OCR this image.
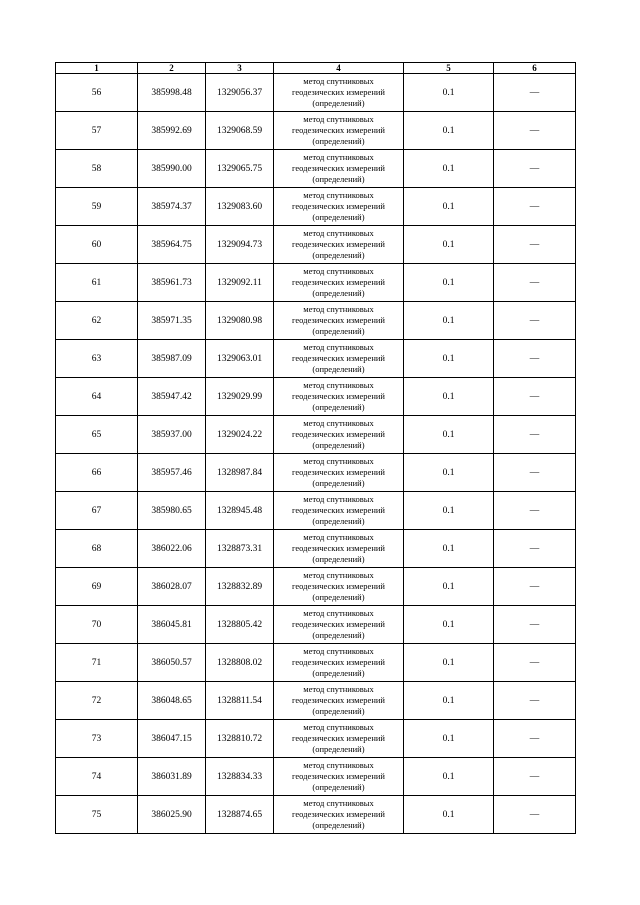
1	2	3	4	5	6
56	385998.48	1329056.37	метод спутниковых
геодезических измерений
(определений)	0.1	—
57	385992.69	1329068.59	метод спутниковых
геодезических измерений
(определений)	0.1	—
58	385990.00	1329065.75	метод спутниковых
геодезических измерений
(определений)	0.1	—
59	385974.37	1329083.60	метод спутниковых
геодезических измерений
(определений)	0.1	—
60	385964.75	1329094.73	метод спутниковых
геодезических измерений
(определений)	0.1	—
61	385961.73	1329092.11	метод спутниковых
геодезических измерений
(определений)	0.1	—
62	385971.35	1329080.98	метод спутниковых
геодезических измерений
(определений)	0.1	—
63	385987.09	1329063.01	метод спутниковых
геодезических измерений
(определений)	0.1	—
64	385947.42	1329029.99	метод спутниковых
геодезических измерений
(определений)	0.1	—
65	385937.00	1329024.22	метод спутниковых
геодезических измерений
(определений)	0.1	—
66	385957.46	1328987.84	метод спутниковых
геодезических измерений
(определений)	0.1	—
67	385980.65	1328945.48	метод спутниковых
геодезических измерений
(определений)	0.1	—
68	386022.06	1328873.31	метод спутниковых
геодезических измерений
(определений)	0.1	—
69	386028.07	1328832.89	метод спутниковых
геодезических измерений
(определений)	0.1	—
70	386045.81	1328805.42	метод спутниковых
геодезических измерений
(определений)	0.1	—
71	386050.57	1328808.02	метод спутниковых
геодезических измерений
(определений)	0.1	—
72	386048.65	1328811.54	метод спутниковых
геодезических измерений
(определений)	0.1	—
73	386047.15	1328810.72	метод спутниковых
геодезических измерений
(определений)	0.1	—
74	386031.89	1328834.33	метод спутниковых
геодезических измерений
(определений)	0.1	—
75	386025.90	1328874.65	метод спутниковых
геодезических измерений
(определений)	0.1	—
